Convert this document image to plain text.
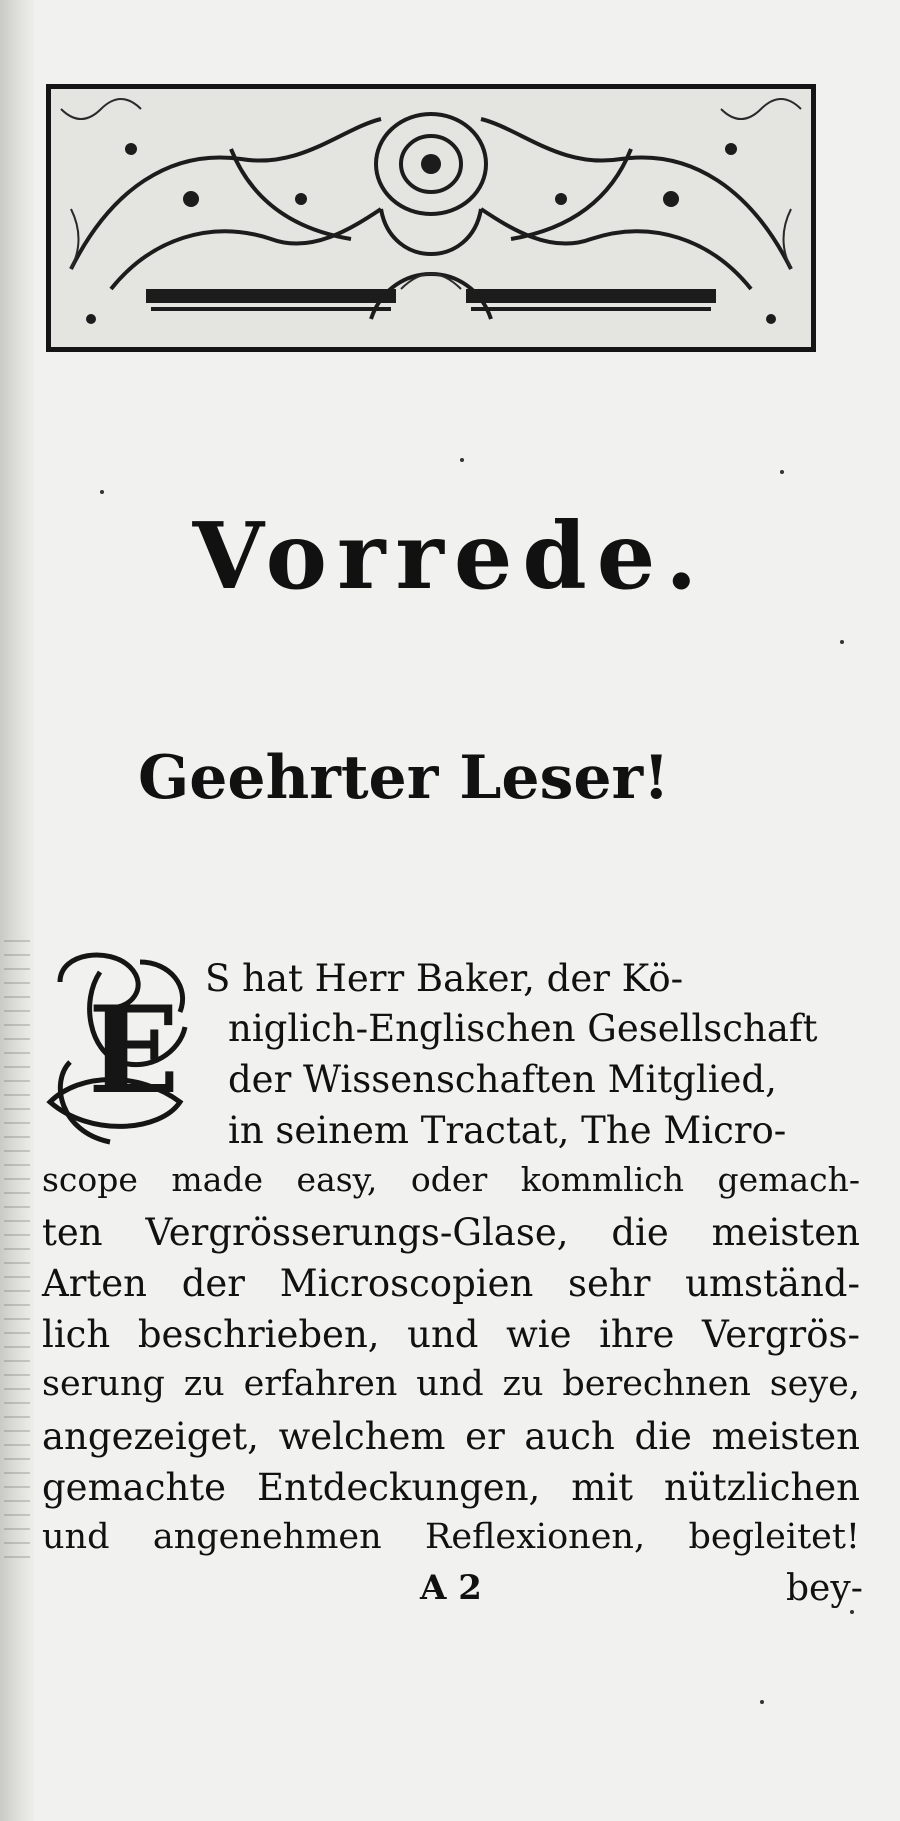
Vorrede.
Geehrter Leser!
E
S hat Herr Baker, der Kö-
niglich-Englischen Gesellschaft
der Wissenschaften Mitglied,
in seinem Tractat, The Micro-
scope made easy, oder kommlich gemach-
ten Vergrösserungs-Glase, die meisten
Arten der Microscopien sehr umständ-
lich beschrieben, und wie ihre Vergrös-
serung zu erfahren und zu berechnen seye,
angezeiget, welchem er auch die meisten
gemachte Entdeckungen, mit nützlichen
und angenehmen Reflexionen, begleitet!
A 2	bey-
